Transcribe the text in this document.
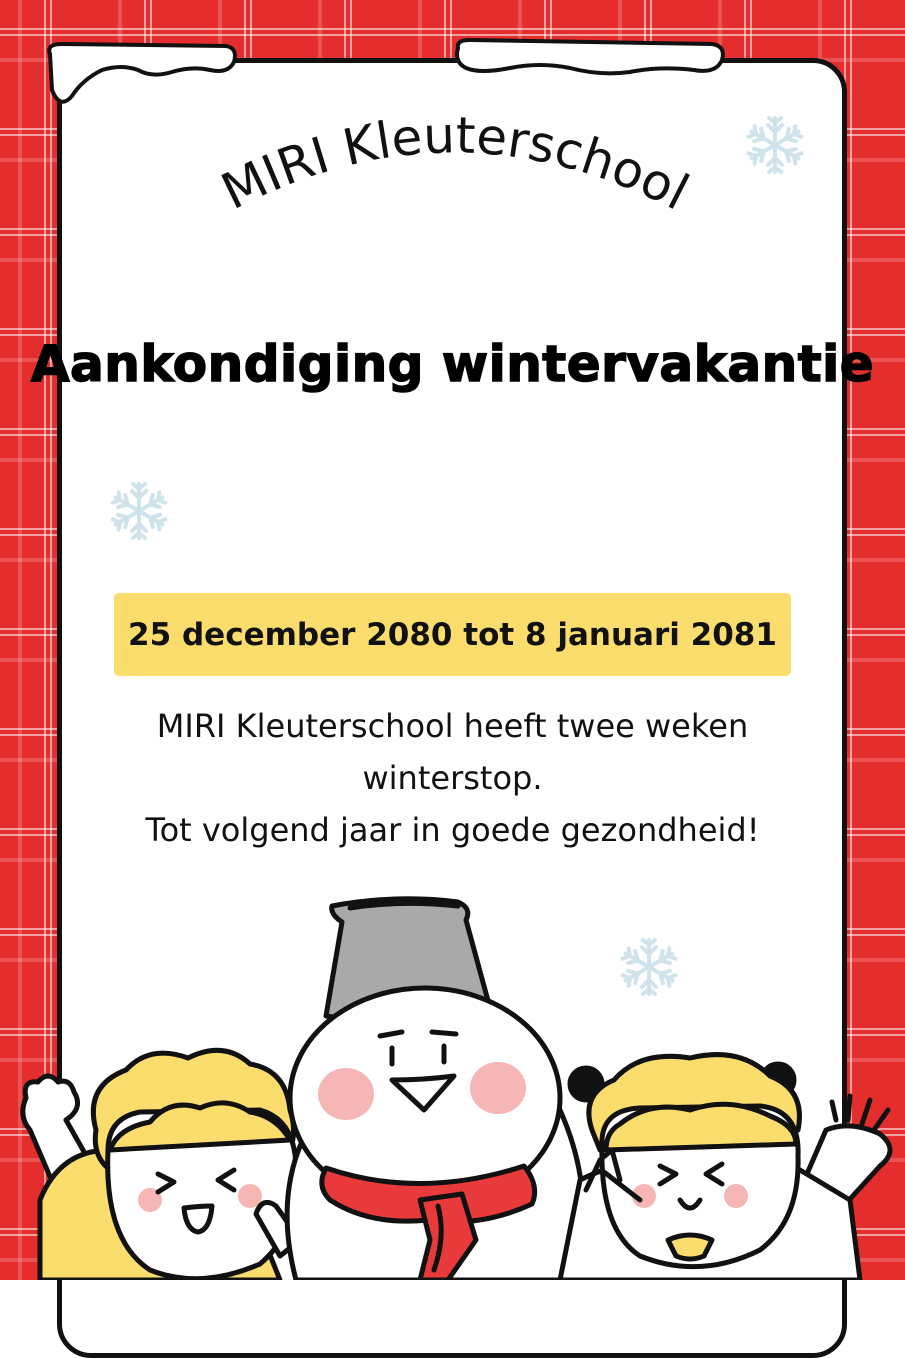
MIRI Kleuterschool
Aankondiging wintervakantie
25 december 2080 tot 8 januari 2081
MIRI Kleuterschool heeft twee weken
winterstop.
Tot volgend jaar in goede gezondheid!
